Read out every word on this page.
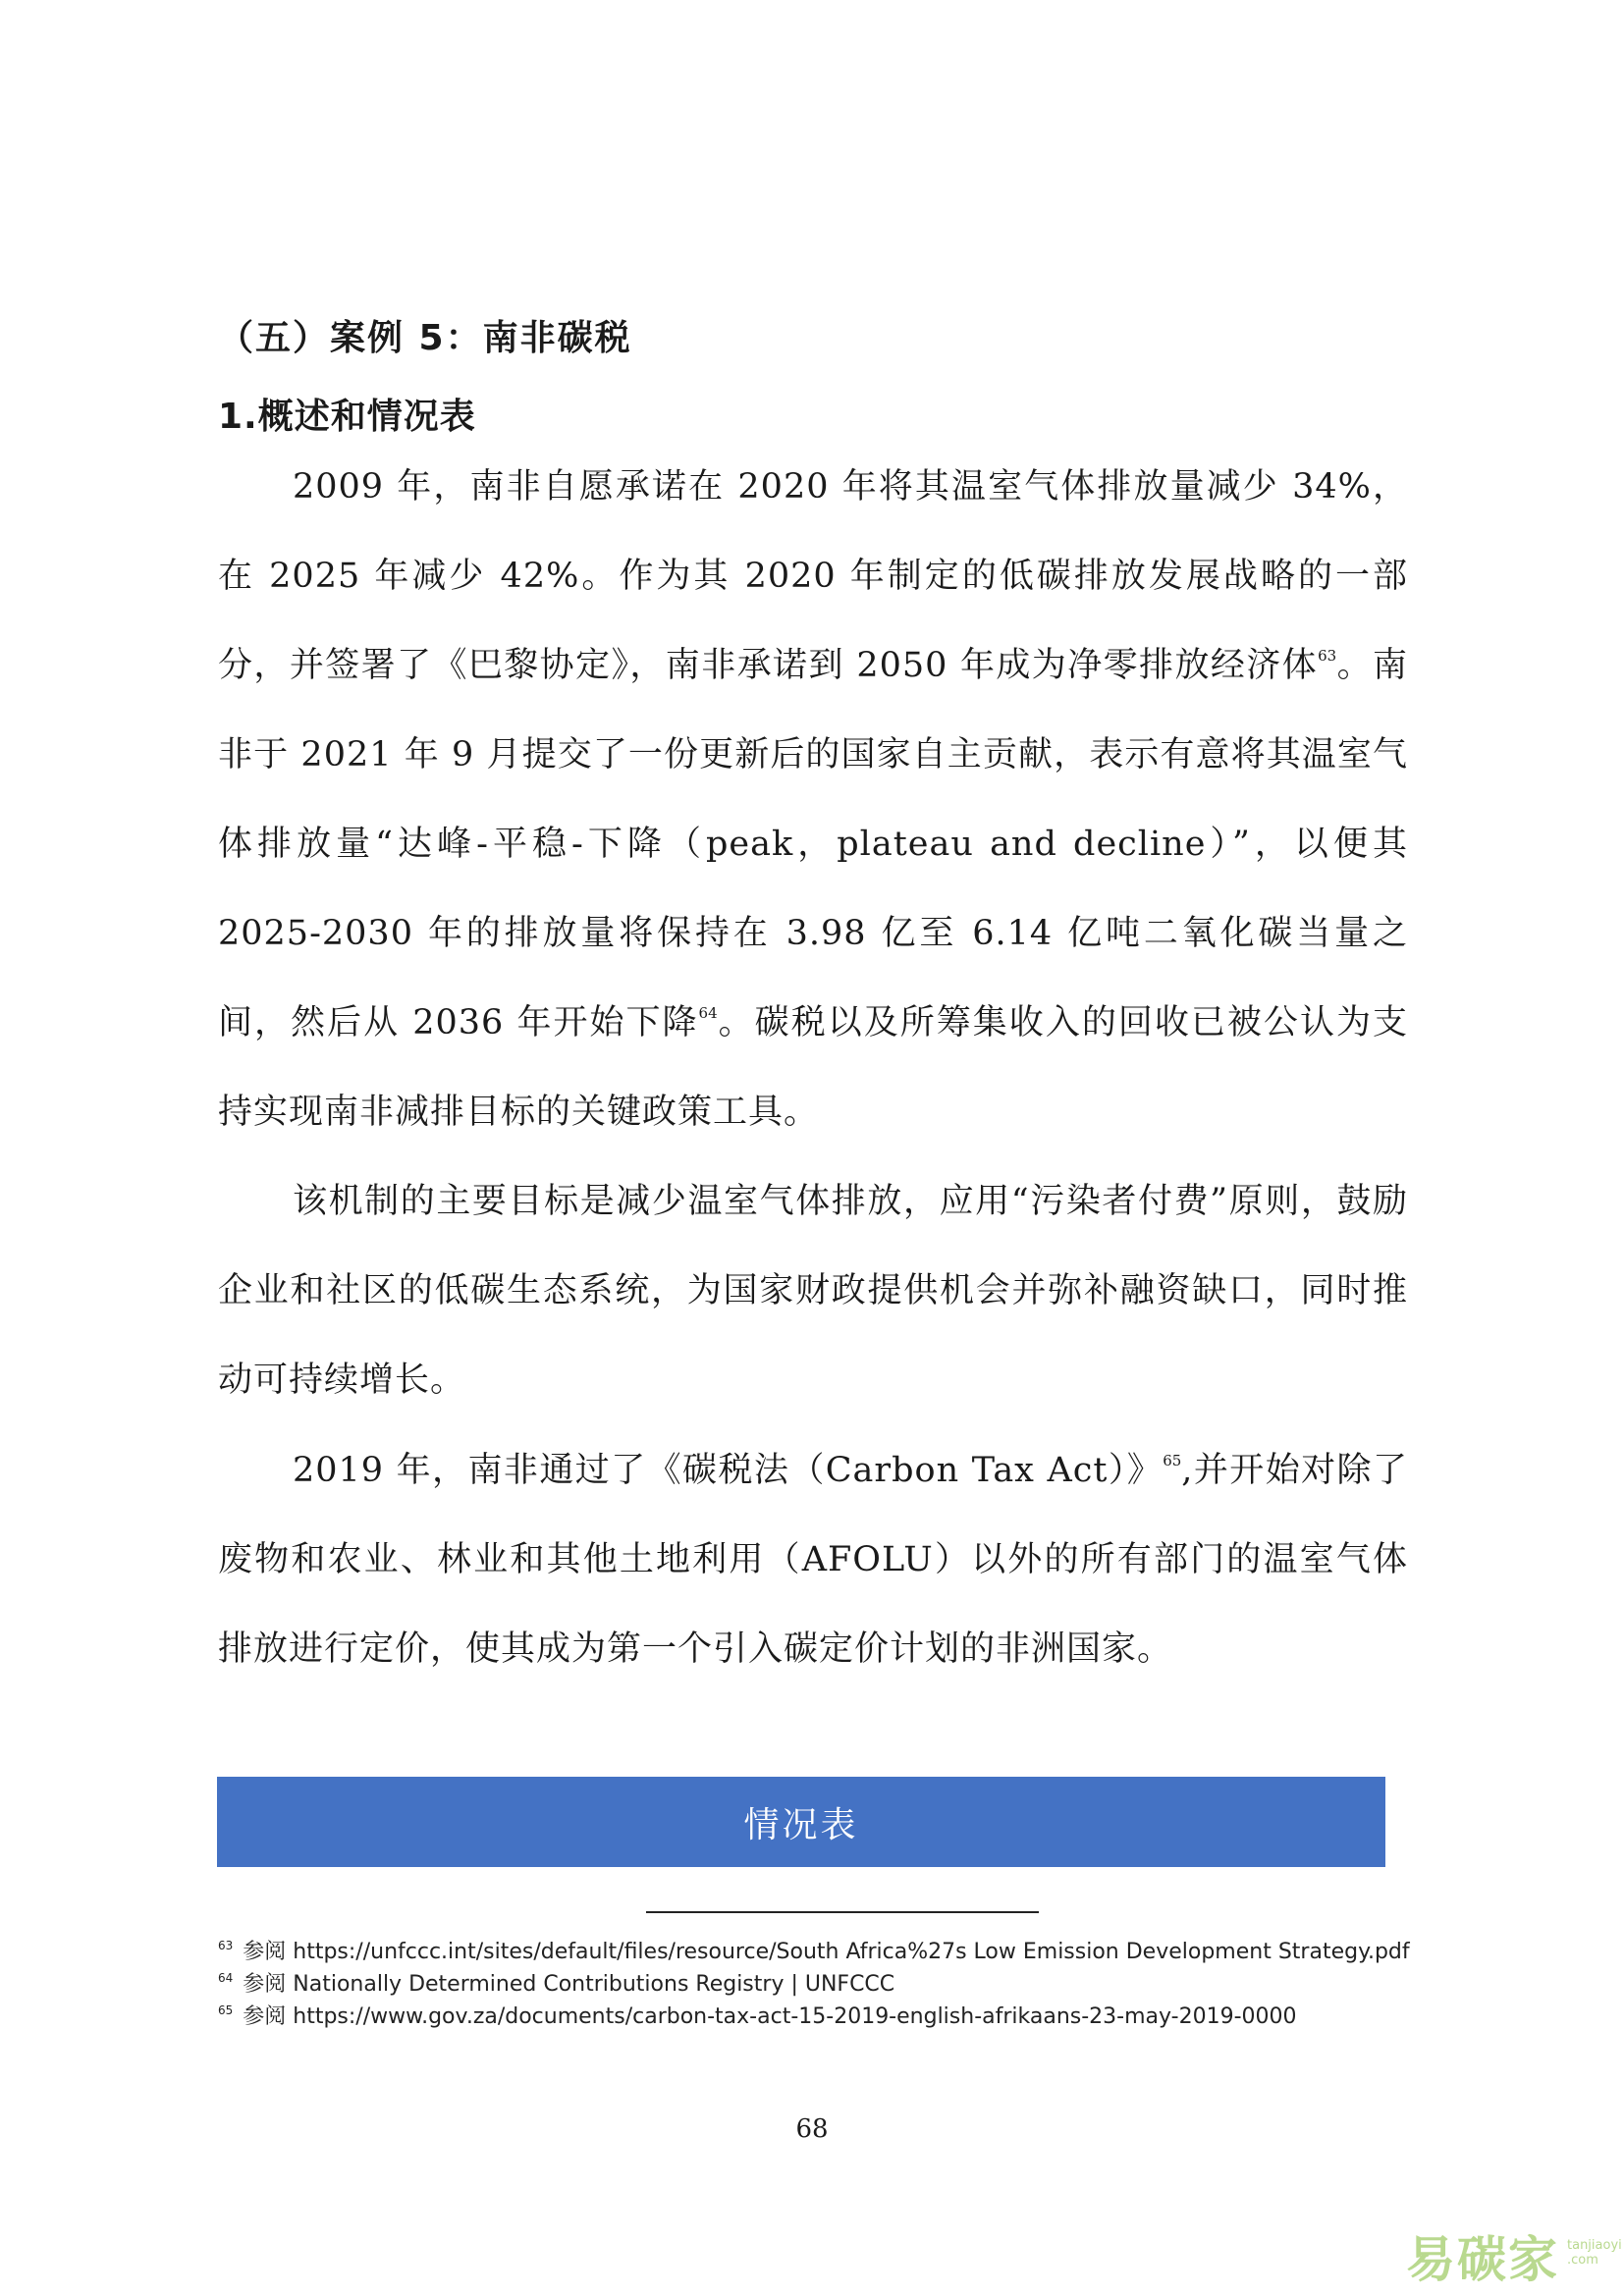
（五）案例 5：南非碳税
1.概述和情况表

2009 年，南非自愿承诺在 2020 年将其温室气体排放量减少 34%，在 2025 年减少 42%。作为其 2020 年制定的低碳排放发展战略的一部分，并签署了《巴黎协定》，南非承诺到 2050 年成为净零排放经济体$^{63}$。南非于 2021 年 9 月提交了一份更新后的国家自主贡献，表示有意将其温室气体排放量“达峰-平稳-下降（peak，plateau and decline）”，以便其 2025-2030 年的排放量将保持在 3.98 亿至 6.14 亿吨二氧化碳当量之间，然后从 2036 年开始下降$^{64}$。碳税以及所筹集收入的回收已被公认为支持实现南非减排目标的关键政策工具。

该机制的主要目标是减少温室气体排放，应用“污染者付费”原则，鼓励企业和社区的低碳生态系统，为国家财政提供机会并弥补融资缺口，同时推动可持续增长。

2019 年，南非通过了《碳税法（Carbon Tax Act）》$^{65}$,并开始对除了废物和农业、林业和其他土地利用（AFOLU）以外的所有部门的温室气体排放进行定价，使其成为第一个引入碳定价计划的非洲国家。

情况表
$^{63}$ 参阅 https://unfccc.int/sites/default/files/resource/South Africa%27s Low Emission Development Strategy.pdf
$^{64}$ 参阅 Nationally Determined Contributions Registry | UNFCCC
$^{65}$ 参阅 https://www.gov.za/documents/carbon-tax-act-15-2019-english-afrikaans-23-may-2019-0000
68
易碳家 tanjiaoyi .com
